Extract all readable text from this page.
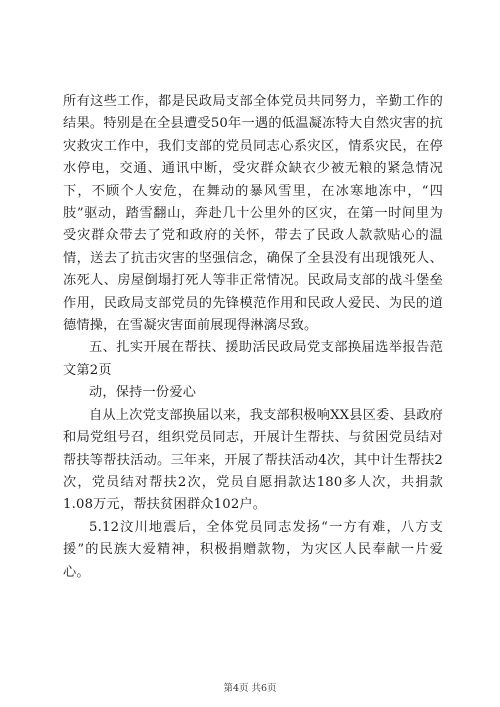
所有这些工作，都是民政局支部全体党员共同努力，辛勤工作的结果。特别是在全县遭受50年一遇的低温凝冻特大自然灾害的抗灾救灾工作中，我们支部的党员同志心系灾区，情系灾民，在停水停电，交通、通讯中断，受灾群众缺衣少被无粮的紧急情况下，不顾个人安危，在舞动的暴风雪里，在冰寒地冻中，“四肢”驱动，踏雪翻山，奔赴几十公里外的区灾，在第一时间里为受灾群众带去了党和政府的关怀，带去了民政人款款贴心的温情，送去了抗击灾害的坚强信念，确保了全县没有出现饿死人、冻死人、房屋倒塌打死人等非正常情况。民政局支部的战斗堡垒作用，民政局支部党员的先锋模范作用和民政人爱民、为民的道德情操，在雪凝灾害面前展现得淋漓尽致。

五、扎实开展在帮扶、援助活民政局党支部换届选举报告范文第2页

动，保持一份爱心

自从上次党支部换届以来，我支部积极响XX县区委、县政府和局党组号召，组织党员同志，开展计生帮扶、与贫困党员结对帮扶等帮扶活动。三年来，开展了帮扶活动4次，其中计生帮扶2次，党员结对帮扶2次，党员自愿捐款达180多人次，共捐款1.08万元，帮扶贫困群众102户。

5.12汶川地震后，全体党员同志发扬“一方有难，八方支援”的民族大爱精神，积极捐赠款物，为灾区人民奉献一片爱心。

第4页 共6页
